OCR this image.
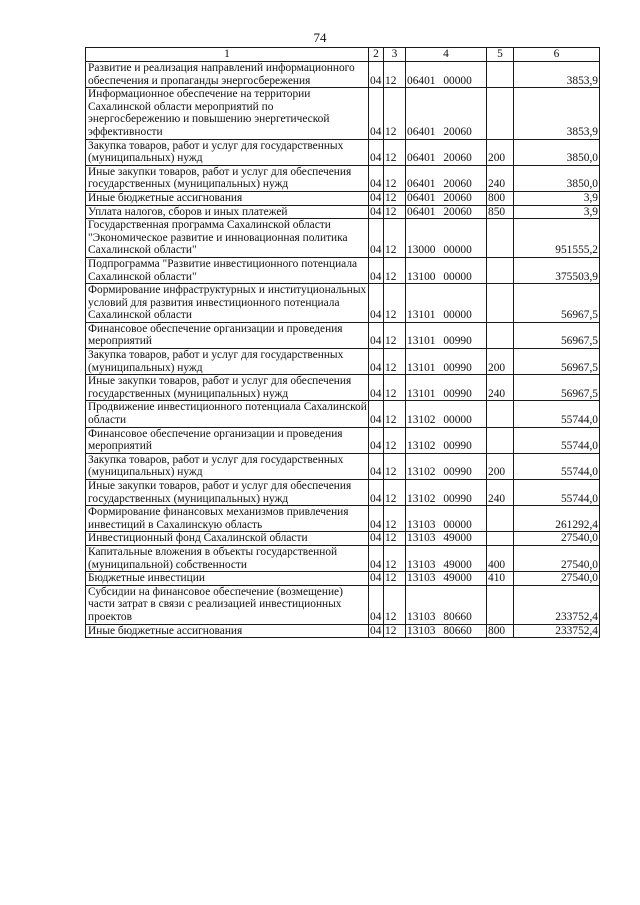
74
1	2	3	4	5	6
Развитие и реализация направлений информационного обеспечения и пропаганды энергосбережения	04	12	06401 00000		3853,9
Информационное обеспечение на территории Сахалинской области мероприятий по энергосбережению и повышению энергетической эффективности	04	12	06401 20060		3853,9
Закупка товаров, работ и услуг для государственных (муниципальных) нужд	04	12	06401 20060	200	3850,0
Иные закупки товаров, работ и услуг для обеспечения государственных (муниципальных) нужд	04	12	06401 20060	240	3850,0
Иные бюджетные ассигнования	04	12	06401 20060	800	3,9
Уплата налогов, сборов и иных платежей	04	12	06401 20060	850	3,9
Государственная программа Сахалинской области "Экономическое развитие и инновационная политика Сахалинской области"	04	12	13000 00000		951555,2
Подпрограмма "Развитие инвестиционного потенциала Сахалинской области"	04	12	13100 00000		375503,9
Формирование инфраструктурных и институциональных условий для развития инвестиционного потенциала Сахалинской области	04	12	13101 00000		56967,5
Финансовое обеспечение организации и проведения мероприятий	04	12	13101 00990		56967,5
Закупка товаров, работ и услуг для государственных (муниципальных) нужд	04	12	13101 00990	200	56967,5
Иные закупки товаров, работ и услуг для обеспечения государственных (муниципальных) нужд	04	12	13101 00990	240	56967,5
Продвижение инвестиционного потенциала Сахалинской области	04	12	13102 00000		55744,0
Финансовое обеспечение организации и проведения мероприятий	04	12	13102 00990		55744,0
Закупка товаров, работ и услуг для государственных (муниципальных) нужд	04	12	13102 00990	200	55744,0
Иные закупки товаров, работ и услуг для обеспечения государственных (муниципальных) нужд	04	12	13102 00990	240	55744,0
Формирование финансовых механизмов привлечения инвестиций в Сахалинскую область	04	12	13103 00000		261292,4
Инвестиционный фонд Сахалинской области	04	12	13103 49000		27540,0
Капитальные вложения в объекты государственной (муниципальной) собственности	04	12	13103 49000	400	27540,0
Бюджетные инвестиции	04	12	13103 49000	410	27540,0
Субсидии на финансовое обеспечение (возмещение) части затрат в связи с реализацией инвестиционных проектов	04	12	13103 80660		233752,4
Иные бюджетные ассигнования	04	12	13103 80660	800	233752,4
